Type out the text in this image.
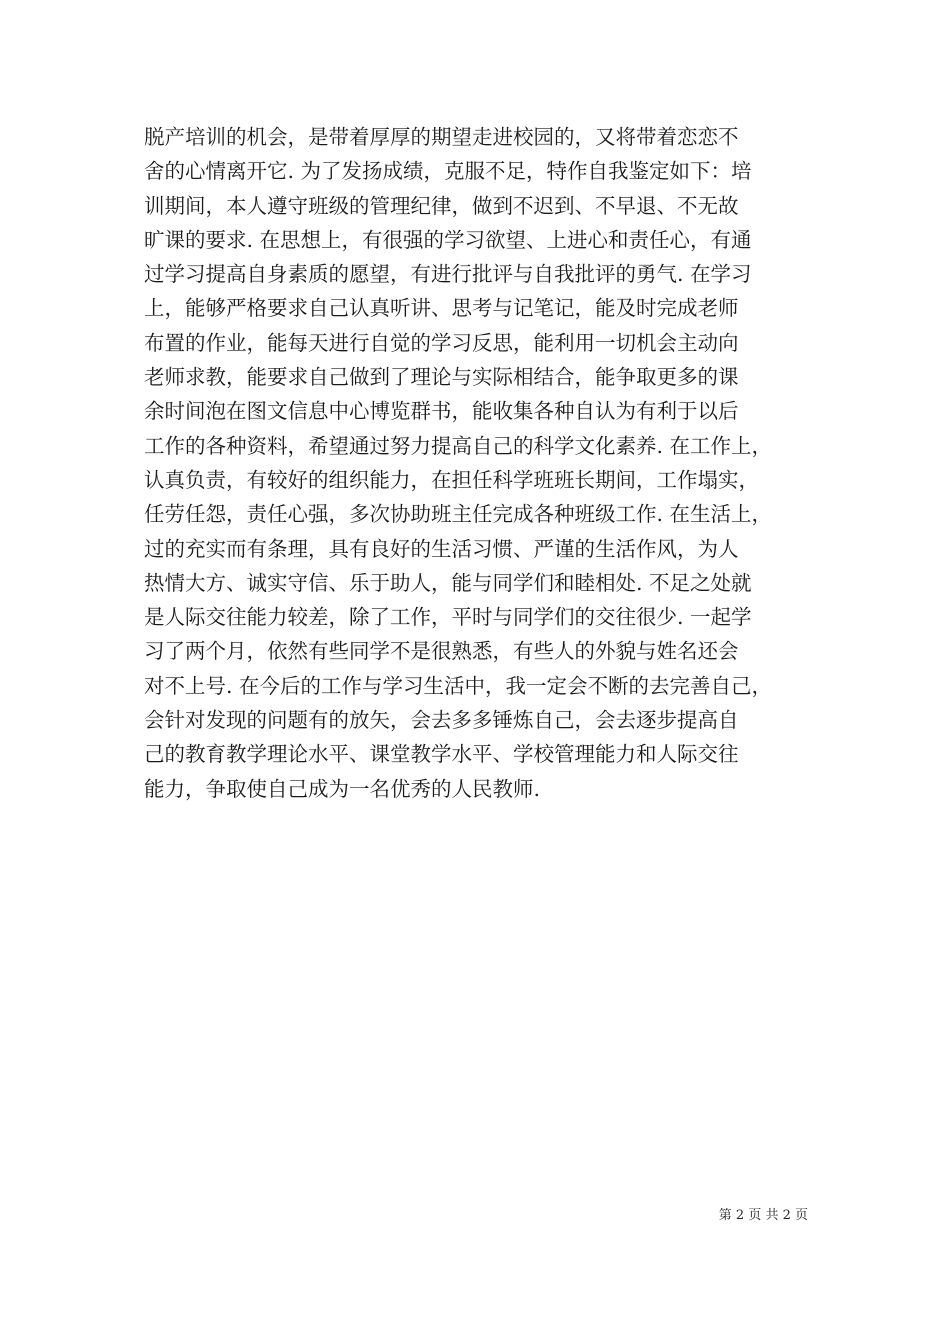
脱产培训的机会，是带着厚厚的期望走进校园的，又将带着恋恋不
舍的心情离开它. 为了发扬成绩，克服不足，特作自我鉴定如下：培
训期间，本人遵守班级的管理纪律，做到不迟到、不早退、不无故
旷课的要求. 在思想上，有很强的学习欲望、上进心和责任心，有通
过学习提高自身素质的愿望，有进行批评与自我批评的勇气. 在学习
上，能够严格要求自己认真听讲、思考与记笔记，能及时完成老师
布置的作业，能每天进行自觉的学习反思，能利用一切机会主动向
老师求教，能要求自己做到了理论与实际相结合，能争取更多的课
余时间泡在图文信息中心博览群书，能收集各种自认为有利于以后
工作的各种资料，希望通过努力提高自己的科学文化素养. 在工作上，
认真负责，有较好的组织能力，在担任科学班班长期间，工作塌实，
任劳任怨，责任心强，多次协助班主任完成各种班级工作. 在生活上，
过的充实而有条理，具有良好的生活习惯、严谨的生活作风，为人
热情大方、诚实守信、乐于助人，能与同学们和睦相处. 不足之处就
是人际交往能力较差，除了工作，平时与同学们的交往很少. 一起学
习了两个月，依然有些同学不是很熟悉，有些人的外貌与姓名还会
对不上号. 在今后的工作与学习生活中，我一定会不断的去完善自己，
会针对发现的问题有的放矢，会去多多锤炼自己，会去逐步提高自
己的教育教学理论水平、课堂教学水平、学校管理能力和人际交往
能力，争取使自己成为一名优秀的人民教师.
第 2 页 共 2 页
